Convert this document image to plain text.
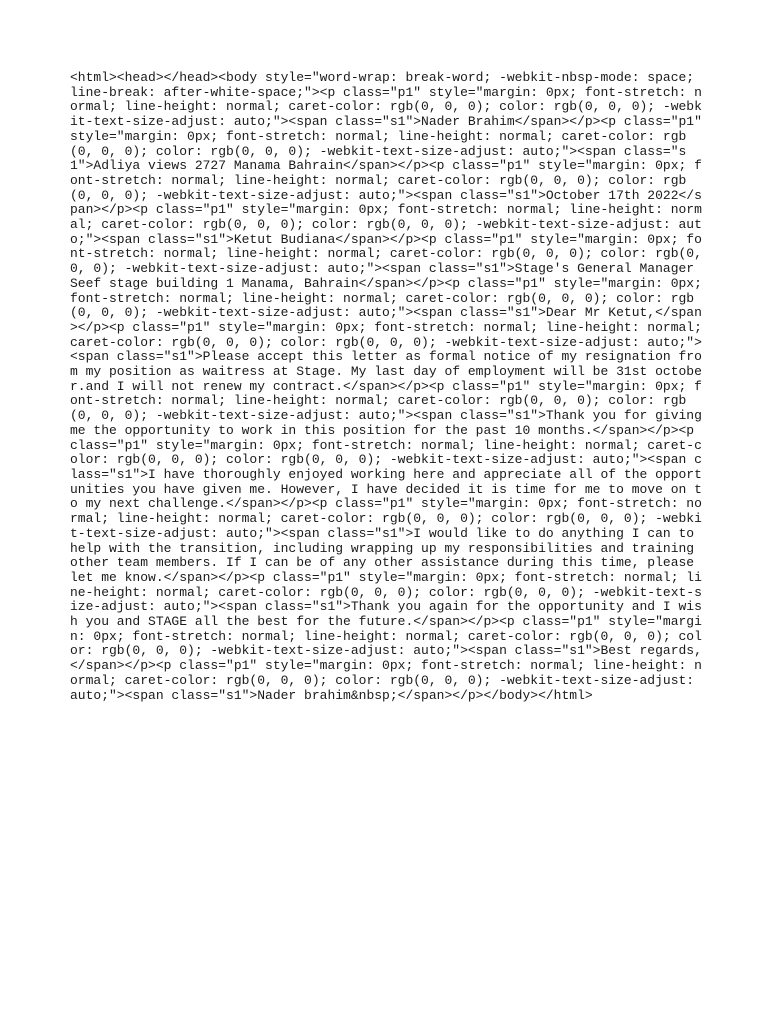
<html><head></head><body style="word-wrap: break-word; -webkit-nbsp-mode: space; line-break: after-white-space;"><p class="p1" style="margin: 0px; font-stretch: normal; line-height: normal; caret-color: rgb(0, 0, 0); color: rgb(0, 0, 0); -webkit-text-size-adjust: auto;"><span class="s1">Nader Brahim</span></p><p class="p1" style="margin: 0px; font-stretch: normal; line-height: normal; caret-color: rgb(0, 0, 0); color: rgb(0, 0, 0); -webkit-text-size-adjust: auto;"><span class="s1">Adliya views 2727 Manama Bahrain</span></p><p class="p1" style="margin: 0px; font-stretch: normal; line-height: normal; caret-color: rgb(0, 0, 0); color: rgb(0, 0, 0); -webkit-text-size-adjust: auto;"><span class="s1">October 17th 2022</span></p><p class="p1" style="margin: 0px; font-stretch: normal; line-height: normal; caret-color: rgb(0, 0, 0); color: rgb(0, 0, 0); -webkit-text-size-adjust: auto;"><span class="s1">Ketut Budiana</span></p><p class="p1" style="margin: 0px; font-stretch: normal; line-height: normal; caret-color: rgb(0, 0, 0); color: rgb(0, 0, 0); -webkit-text-size-adjust: auto;"><span class="s1">Stage's General Manager Seef stage building 1 Manama, Bahrain</span></p><p class="p1" style="margin: 0px; font-stretch: normal; line-height: normal; caret-color: rgb(0, 0, 0); color: rgb(0, 0, 0); -webkit-text-size-adjust: auto;"><span class="s1">Dear Mr Ketut,</span></p><p class="p1" style="margin: 0px; font-stretch: normal; line-height: normal; caret-color: rgb(0, 0, 0); color: rgb(0, 0, 0); -webkit-text-size-adjust: auto;"><span class="s1">Please accept this letter as formal notice of my resignation from my position as waitress at Stage. My last day of employment will be 31st october.and I will not renew my contract.</span></p><p class="p1" style="margin: 0px; font-stretch: normal; line-height: normal; caret-color: rgb(0, 0, 0); color: rgb(0, 0, 0); -webkit-text-size-adjust: auto;"><span class="s1">Thank you for giving me the opportunity to work in this position for the past 10 months.</span></p><p class="p1" style="margin: 0px; font-stretch: normal; line-height: normal; caret-color: rgb(0, 0, 0); color: rgb(0, 0, 0); -webkit-text-size-adjust: auto;"><span class="s1">I have thoroughly enjoyed working here and appreciate all of the opportunities you have given me. However, I have decided it is time for me to move on to my next challenge.</span></p><p class="p1" style="margin: 0px; font-stretch: normal; line-height: normal; caret-color: rgb(0, 0, 0); color: rgb(0, 0, 0); -webkit-text-size-adjust: auto;"><span class="s1">I would like to do anything I can to help with the transition, including wrapping up my responsibilities and training other team members. If I can be of any other assistance during this time, please let me know.</span></p><p class="p1" style="margin: 0px; font-stretch: normal; line-height: normal; caret-color: rgb(0, 0, 0); color: rgb(0, 0, 0); -webkit-text-size-adjust: auto;"><span class="s1">Thank you again for the opportunity and I wish you and STAGE all the best for the future.</span></p><p class="p1" style="margin: 0px; font-stretch: normal; line-height: normal; caret-color: rgb(0, 0, 0); color: rgb(0, 0, 0); -webkit-text-size-adjust: auto;"><span class="s1">Best regards,</span></p><p class="p1" style="margin: 0px; font-stretch: normal; line-height: normal; caret-color: rgb(0, 0, 0); color: rgb(0, 0, 0); -webkit-text-size-adjust: auto;"><span class="s1">Nader brahim&nbsp;</span></p></body></html>
